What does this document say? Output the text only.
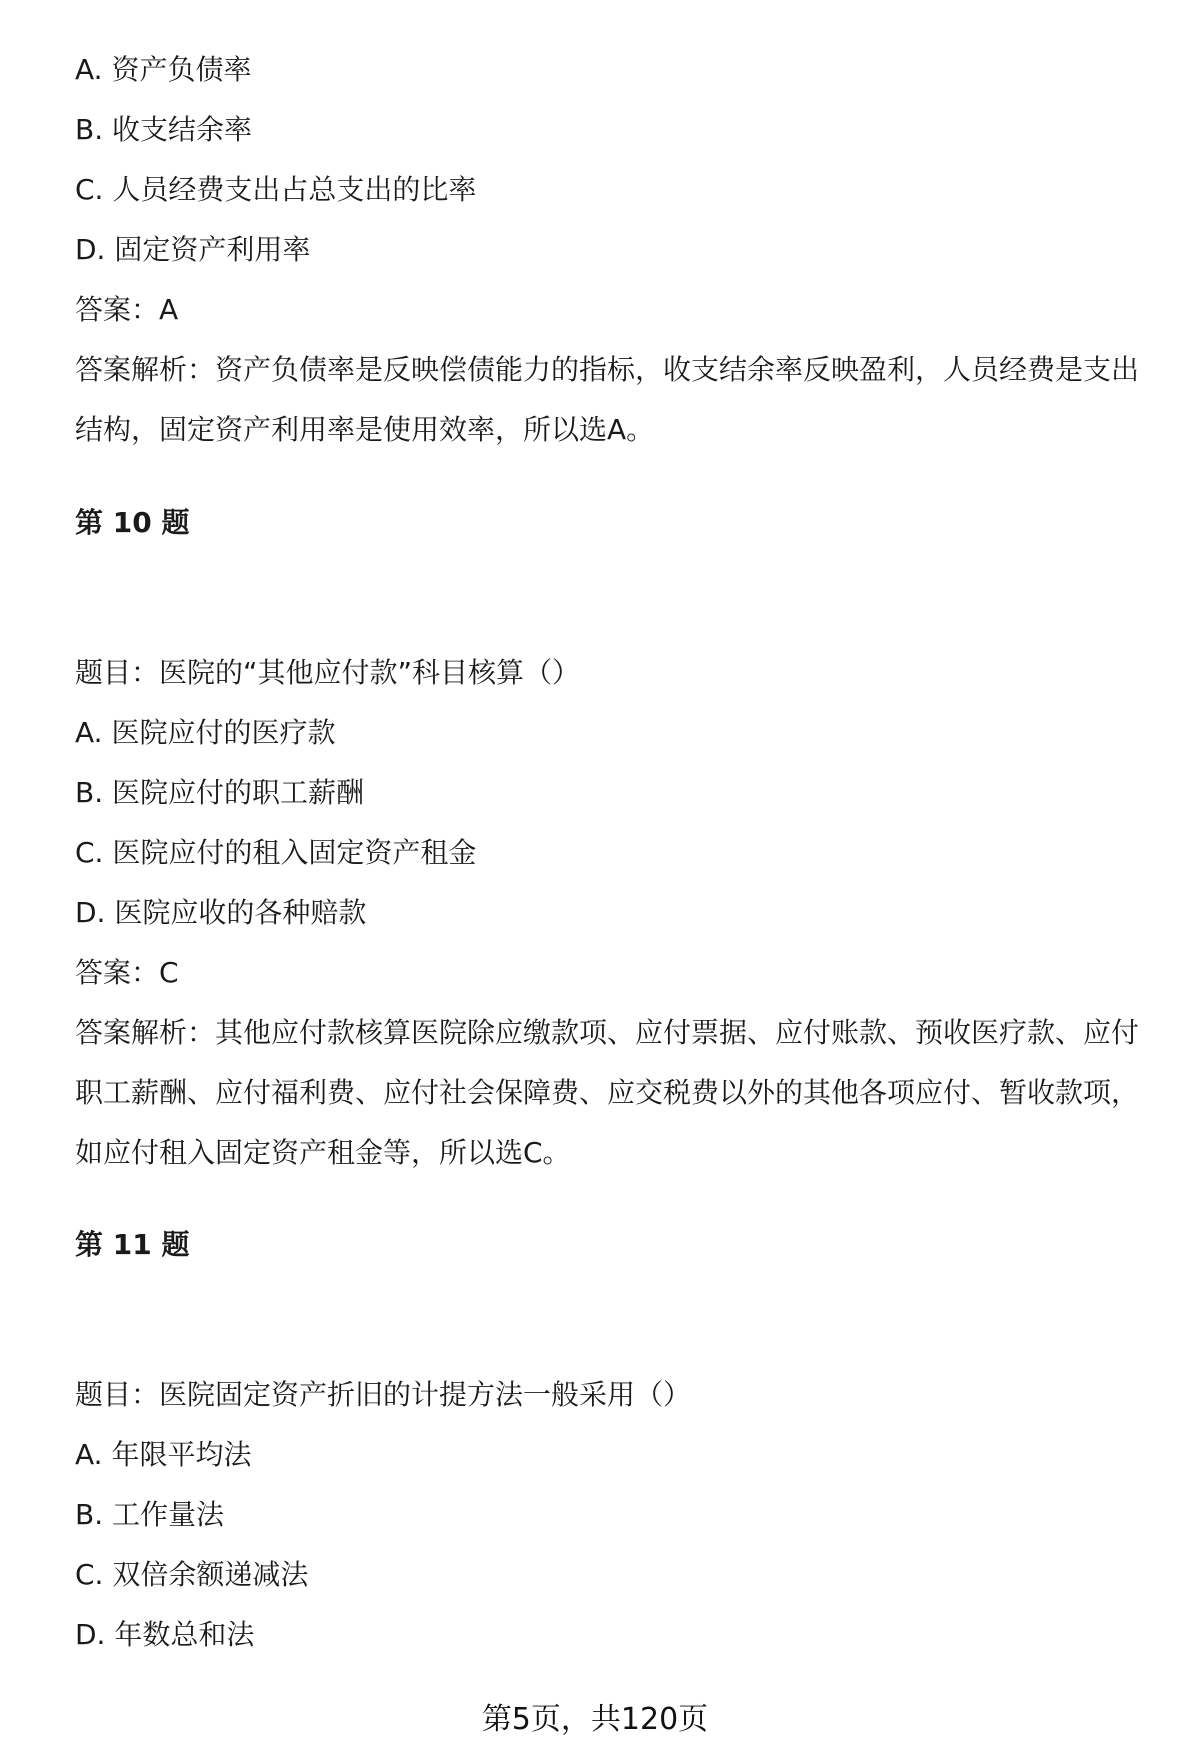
A. 资产负债率
B. 收支结余率
C. 人员经费支出占总支出的比率
D. 固定资产利用率
答案：A
答案解析：资产负债率是反映偿债能力的指标，收支结余率反映盈利，人员经费是支出结构，固定资产利用率是使用效率，所以选A。
第 10 题
题目：医院的“其他应付款”科目核算（）
A. 医院应付的医疗款
B. 医院应付的职工薪酬
C. 医院应付的租入固定资产租金
D. 医院应收的各种赔款
答案：C
答案解析：其他应付款核算医院除应缴款项、应付票据、应付账款、预收医疗款、应付职工薪酬、应付福利费、应付社会保障费、应交税费以外的其他各项应付、暂收款项，如应付租入固定资产租金等，所以选C。
第 11 题
题目：医院固定资产折旧的计提方法一般采用（）
A. 年限平均法
B. 工作量法
C. 双倍余额递减法
D. 年数总和法
第5页，共120页
